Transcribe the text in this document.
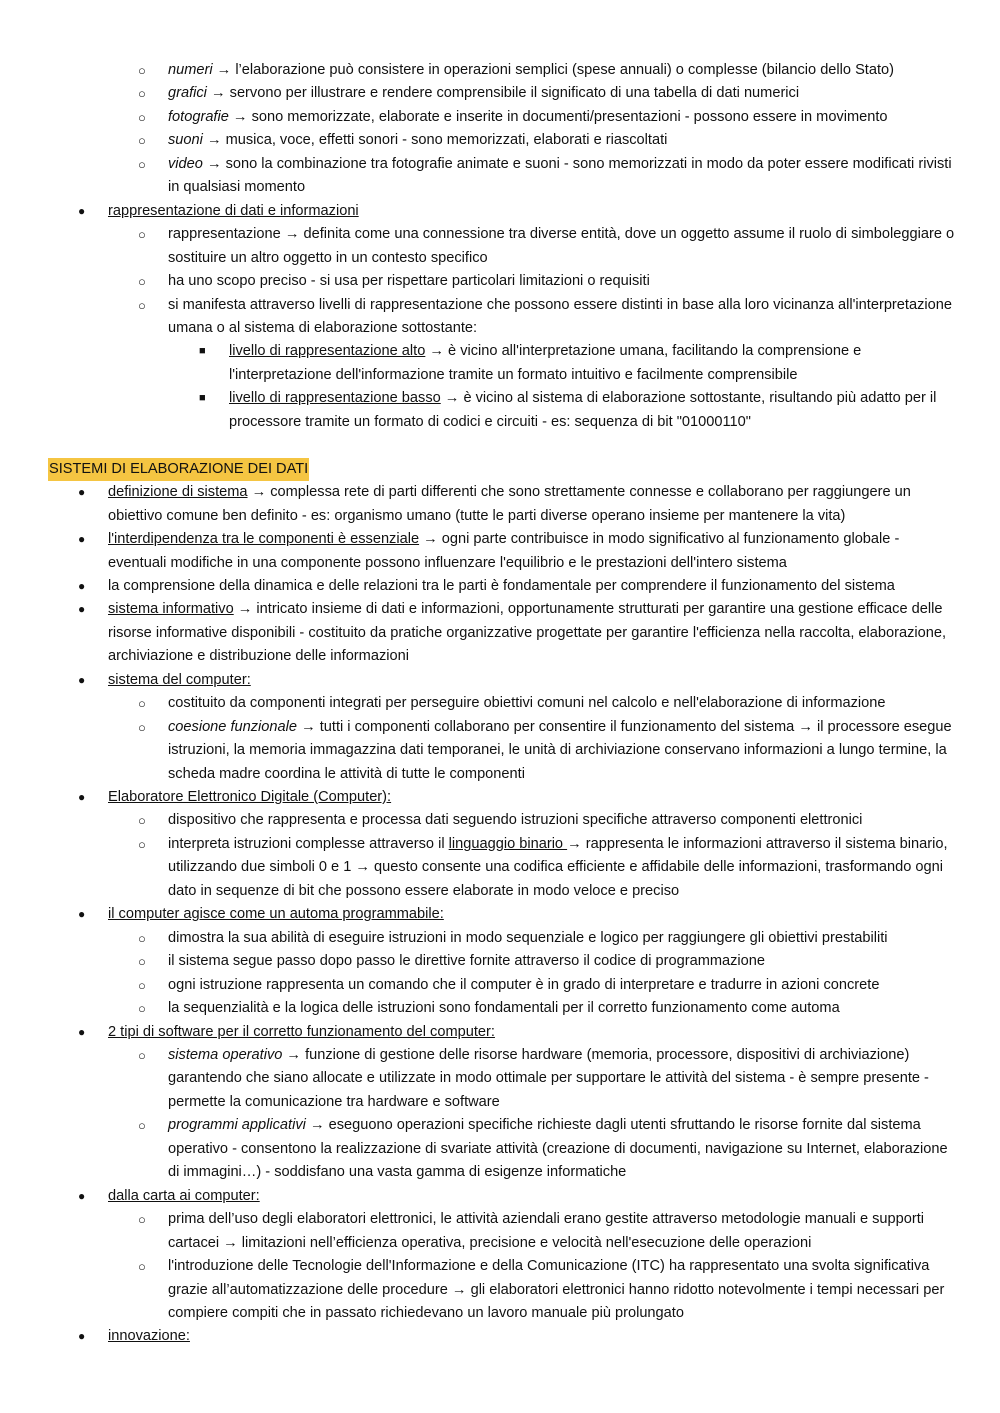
○ numeri → l’elaborazione può consistere in operazioni semplici (spese annuali) o complesse (bilancio dello Stato)
○ grafici → servono per illustrare e rendere comprensibile il significato di una tabella di dati numerici
○ fotografie → sono memorizzate, elaborate e inserite in documenti/presentazioni - possono essere in movimento
○ suoni → musica, voce, effetti sonori - sono memorizzati, elaborati e riascoltati
○ video → sono la combinazione tra fotografie animate e suoni - sono memorizzati in modo da poter essere modificati rivisti in qualsiasi momento
● rappresentazione di dati e informazioni
○ rappresentazione → definita come una connessione tra diverse entità, dove un oggetto assume il ruolo di simboleggiare o sostituire un altro oggetto in un contesto specifico
○ ha uno scopo preciso - si usa per rispettare particolari limitazioni o requisiti
○ si manifesta attraverso livelli di rappresentazione che possono essere distinti in base alla loro vicinanza all'interpretazione umana o al sistema di elaborazione sottostante:
■ livello di rappresentazione alto → è vicino all'interpretazione umana, facilitando la comprensione e l'interpretazione dell'informazione tramite un formato intuitivo e facilmente comprensibile
■ livello di rappresentazione basso → è vicino al sistema di elaborazione sottostante, risultando più adatto per il processore tramite un formato di codici e circuiti - es: sequenza di bit "01000110"
SISTEMI DI ELABORAZIONE DEI DATI
● definizione di sistema → complessa rete di parti differenti che sono strettamente connesse e collaborano per raggiungere un obiettivo comune ben definito - es: organismo umano (tutte le parti diverse operano insieme per mantenere la vita)
● l'interdipendenza tra le componenti è essenziale → ogni parte contribuisce in modo significativo al funzionamento globale - eventuali modifiche in una componente possono influenzare l'equilibrio e le prestazioni dell'intero sistema
● la comprensione della dinamica e delle relazioni tra le parti è fondamentale per comprendere il funzionamento del sistema
● sistema informativo → intricato insieme di dati e informazioni, opportunamente strutturati per garantire una gestione efficace delle risorse informative disponibili - costituito da pratiche organizzative progettate per garantire l'efficienza nella raccolta, elaborazione, archiviazione e distribuzione delle informazioni
● sistema del computer:
○ costituito da componenti integrati per perseguire obiettivi comuni nel calcolo e nell'elaborazione di informazione
○ coesione funzionale → tutti i componenti collaborano per consentire il funzionamento del sistema → il processore esegue istruzioni, la memoria immagazzina dati temporanei, le unità di archiviazione conservano informazioni a lungo termine, la scheda madre coordina le attività di tutte le componenti
● Elaboratore Elettronico Digitale (Computer):
○ dispositivo che rappresenta e processa dati seguendo istruzioni specifiche attraverso componenti elettronici
○ interpreta istruzioni complesse attraverso il linguaggio binario → rappresenta le informazioni attraverso il sistema binario, utilizzando due simboli 0 e 1 → questo consente una codifica efficiente e affidabile delle informazioni, trasformando ogni dato in sequenze di bit che possono essere elaborate in modo veloce e preciso
● il computer agisce come un automa programmabile:
○ dimostra la sua abilità di eseguire istruzioni in modo sequenziale e logico per raggiungere gli obiettivi prestabiliti
○ il sistema segue passo dopo passo le direttive fornite attraverso il codice di programmazione
○ ogni istruzione rappresenta un comando che il computer è in grado di interpretare e tradurre in azioni concrete
○ la sequenzialità e la logica delle istruzioni sono fondamentali per il corretto funzionamento come automa
● 2 tipi di software per il corretto funzionamento del computer:
○ sistema operativo → funzione di gestione delle risorse hardware (memoria, processore, dispositivi di archiviazione) garantendo che siano allocate e utilizzate in modo ottimale per supportare le attività del sistema - è sempre presente - permette la comunicazione tra hardware e software
○ programmi applicativi → eseguono operazioni specifiche richieste dagli utenti sfruttando le risorse fornite dal sistema operativo - consentono la realizzazione di svariate attività (creazione di documenti, navigazione su Internet, elaborazione di immagini…) - soddisfano una vasta gamma di esigenze informatiche
● dalla carta ai computer:
○ prima dell’uso degli elaboratori elettronici, le attività aziendali erano gestite attraverso metodologie manuali e supporti cartacei → limitazioni nell’efficienza operativa, precisione e velocità nell'esecuzione delle operazioni
○ l'introduzione delle Tecnologie dell'Informazione e della Comunicazione (ITC) ha rappresentato una svolta significativa grazie all’automatizzazione delle procedure → gli elaboratori elettronici hanno ridotto notevolmente i tempi necessari per compiere compiti che in passato richiedevano un lavoro manuale più prolungato
● innovazione:
